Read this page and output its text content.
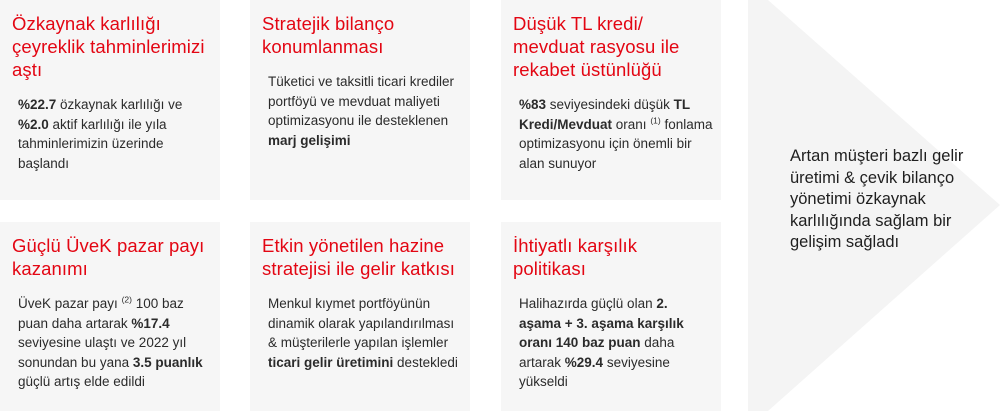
Özkaynak karlılığı çeyreklik tahminlerimizi aştı

%22.7 özkaynak karlılığı ve %2.0 aktif karlılığı ile yıla tahminlerimizin üzerinde başlandı

Stratejik bilanço konumlanması

Tüketici ve taksitli ticari krediler portföyü ve mevduat maliyeti optimizasyonu ile desteklenen marj gelişimi

Düşük TL kredi/ mevduat rasyosu ile rekabet üstünlüğü

%83 seviyesindeki düşük TL Kredi/Mevduat oranı $^{(1)}$ fonlama optimizasyonu için önemli bir alan sunuyor

Güçlü ÜveK pazar payı kazanımı

ÜveK pazar payı $^{(2)}$ 100 baz puan daha artarak %17.4 seviyesine ulaştı ve 2022 yıl sonundan bu yana 3.5 puanlık güçlü artış elde edildi

Etkin yönetilen hazine stratejisi ile gelir katkısı

Menkul kıymet portföyünün dinamik olarak yapılandırılması & müşterilerle yapılan işlemler ticari gelir üretimini destekledi

İhtiyatlı karşılık politikası

Halihazırda güçlü olan 2. aşama + 3. aşama karşılık oranı 140 baz puan daha artarak %29.4 seviyesine yükseldi

Artan müşteri bazlı gelir üretimi & çevik bilanço yönetimi özkaynak karlılığında sağlam bir gelişim sağladı
